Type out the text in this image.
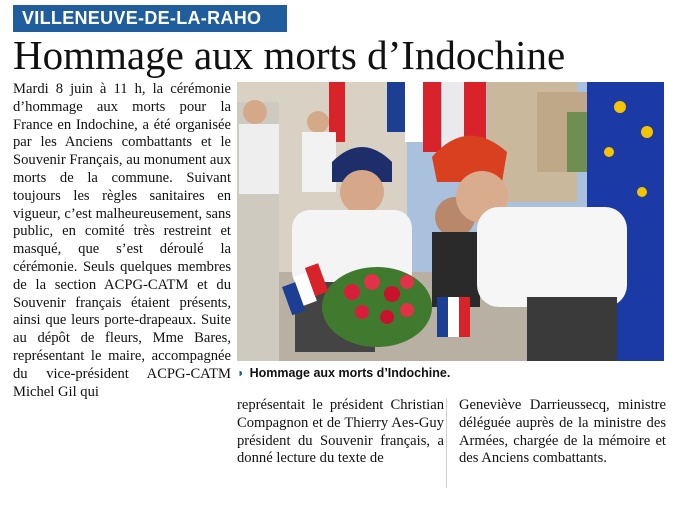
VILLENEUVE-DE-LA-RAHO
Hommage aux morts d’Indochine

Mardi 8 juin à 11 h, la cérémonie d’hommage aux morts pour la France en Indochine, a été organisée par les Anciens combattants et le Souvenir Français, au monument aux morts de la commune. Suivant toujours les règles sanitaires en vigueur, c’est malheureusement, sans public, en comité très restreint et masqué, que s’est déroulé la cérémonie. Seuls quelques membres de la section ACPG-CATM et du Souvenir français étaient présents, ainsi que leurs porte-drapeaux. Suite au dépôt de fleurs, Mme Bares, représentant le maire, accompagnée du vice-président ACPG-CATM Michel Gil qui

◗ Hommage aux morts d’Indochine.

représentait le président Christian Compagnon et de Thierry Aes-Guy président du Souvenir français, a donné lecture du texte de

Geneviève Darrieussecq, ministre déléguée auprès de la ministre des Armées, chargée de la mémoire et des Anciens combattants.
